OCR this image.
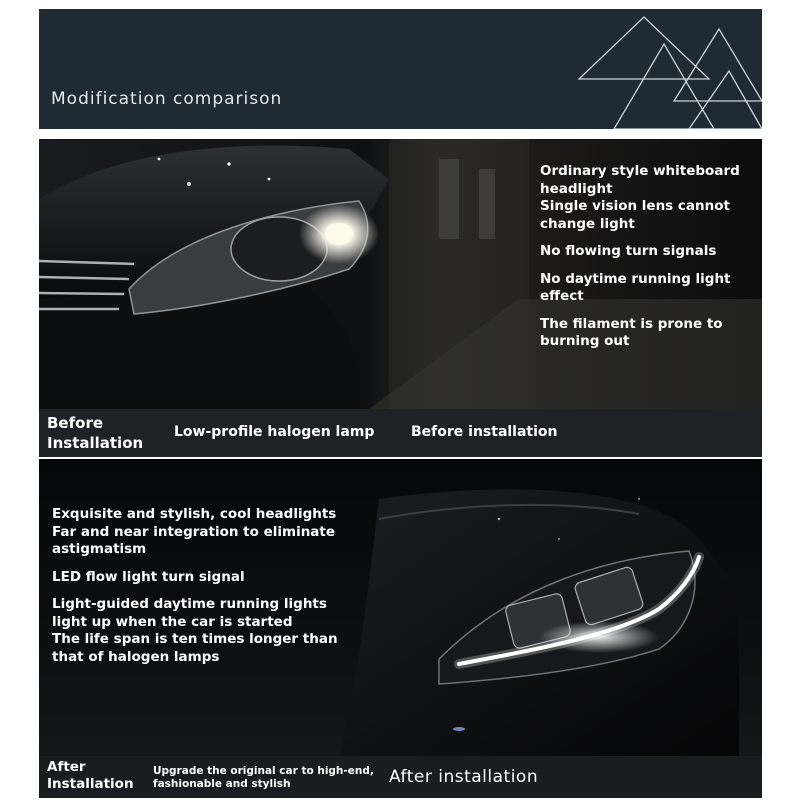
Modification comparison
Ordinary style whiteboard headlight
Single vision lens cannot change light
No flowing turn signals
No daytime running light effect
The filament is prone to burning out
Before
Installation
Low-profile halogen lamp	Before installation
Exquisite and stylish, cool headlights
Far and near integration to eliminate astigmatism
LED flow light turn signal
Light-guided daytime running lights light up when the car is started
The life span is ten times longer than that of halogen lamps
After
Installation
Upgrade the original car to high-end, fashionable and stylish	After installation
